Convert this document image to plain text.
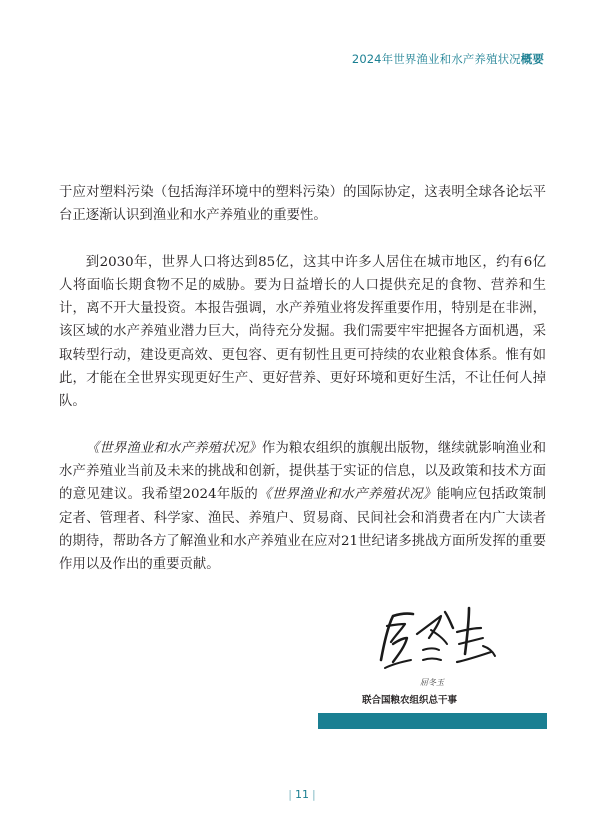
2024年世界渔业和水产养殖状况概要

于应对塑料污染（包括海洋环境中的塑料污染）的国际协定，这表明全球各论坛平台正逐渐认识到渔业和水产养殖业的重要性。

到2030年，世界人口将达到85亿，这其中许多人居住在城市地区，约有6亿人将面临长期食物不足的威胁。要为日益增长的人口提供充足的食物、营养和生计，离不开大量投资。本报告强调，水产养殖业将发挥重要作用，特别是在非洲，该区域的水产养殖业潜力巨大，尚待充分发掘。我们需要牢牢把握各方面机遇，采取转型行动，建设更高效、更包容、更有韧性且更可持续的农业粮食体系。惟有如此，才能在全世界实现更好生产、更好营养、更好环境和更好生活，不让任何人掉队。

《世界渔业和水产养殖状况》作为粮农组织的旗舰出版物，继续就影响渔业和水产养殖业当前及未来的挑战和创新，提供基于实证的信息，以及政策和技术方面的意见建议。我希望2024年版的《世界渔业和水产养殖状况》能响应包括政策制定者、管理者、科学家、渔民、养殖户、贸易商、民间社会和消费者在内广大读者的期待，帮助各方了解渔业和水产养殖业在应对21世纪诸多挑战方面所发挥的重要作用以及作出的重要贡献。

屈冬玉
联合国粮农组织总干事
| 11 |
